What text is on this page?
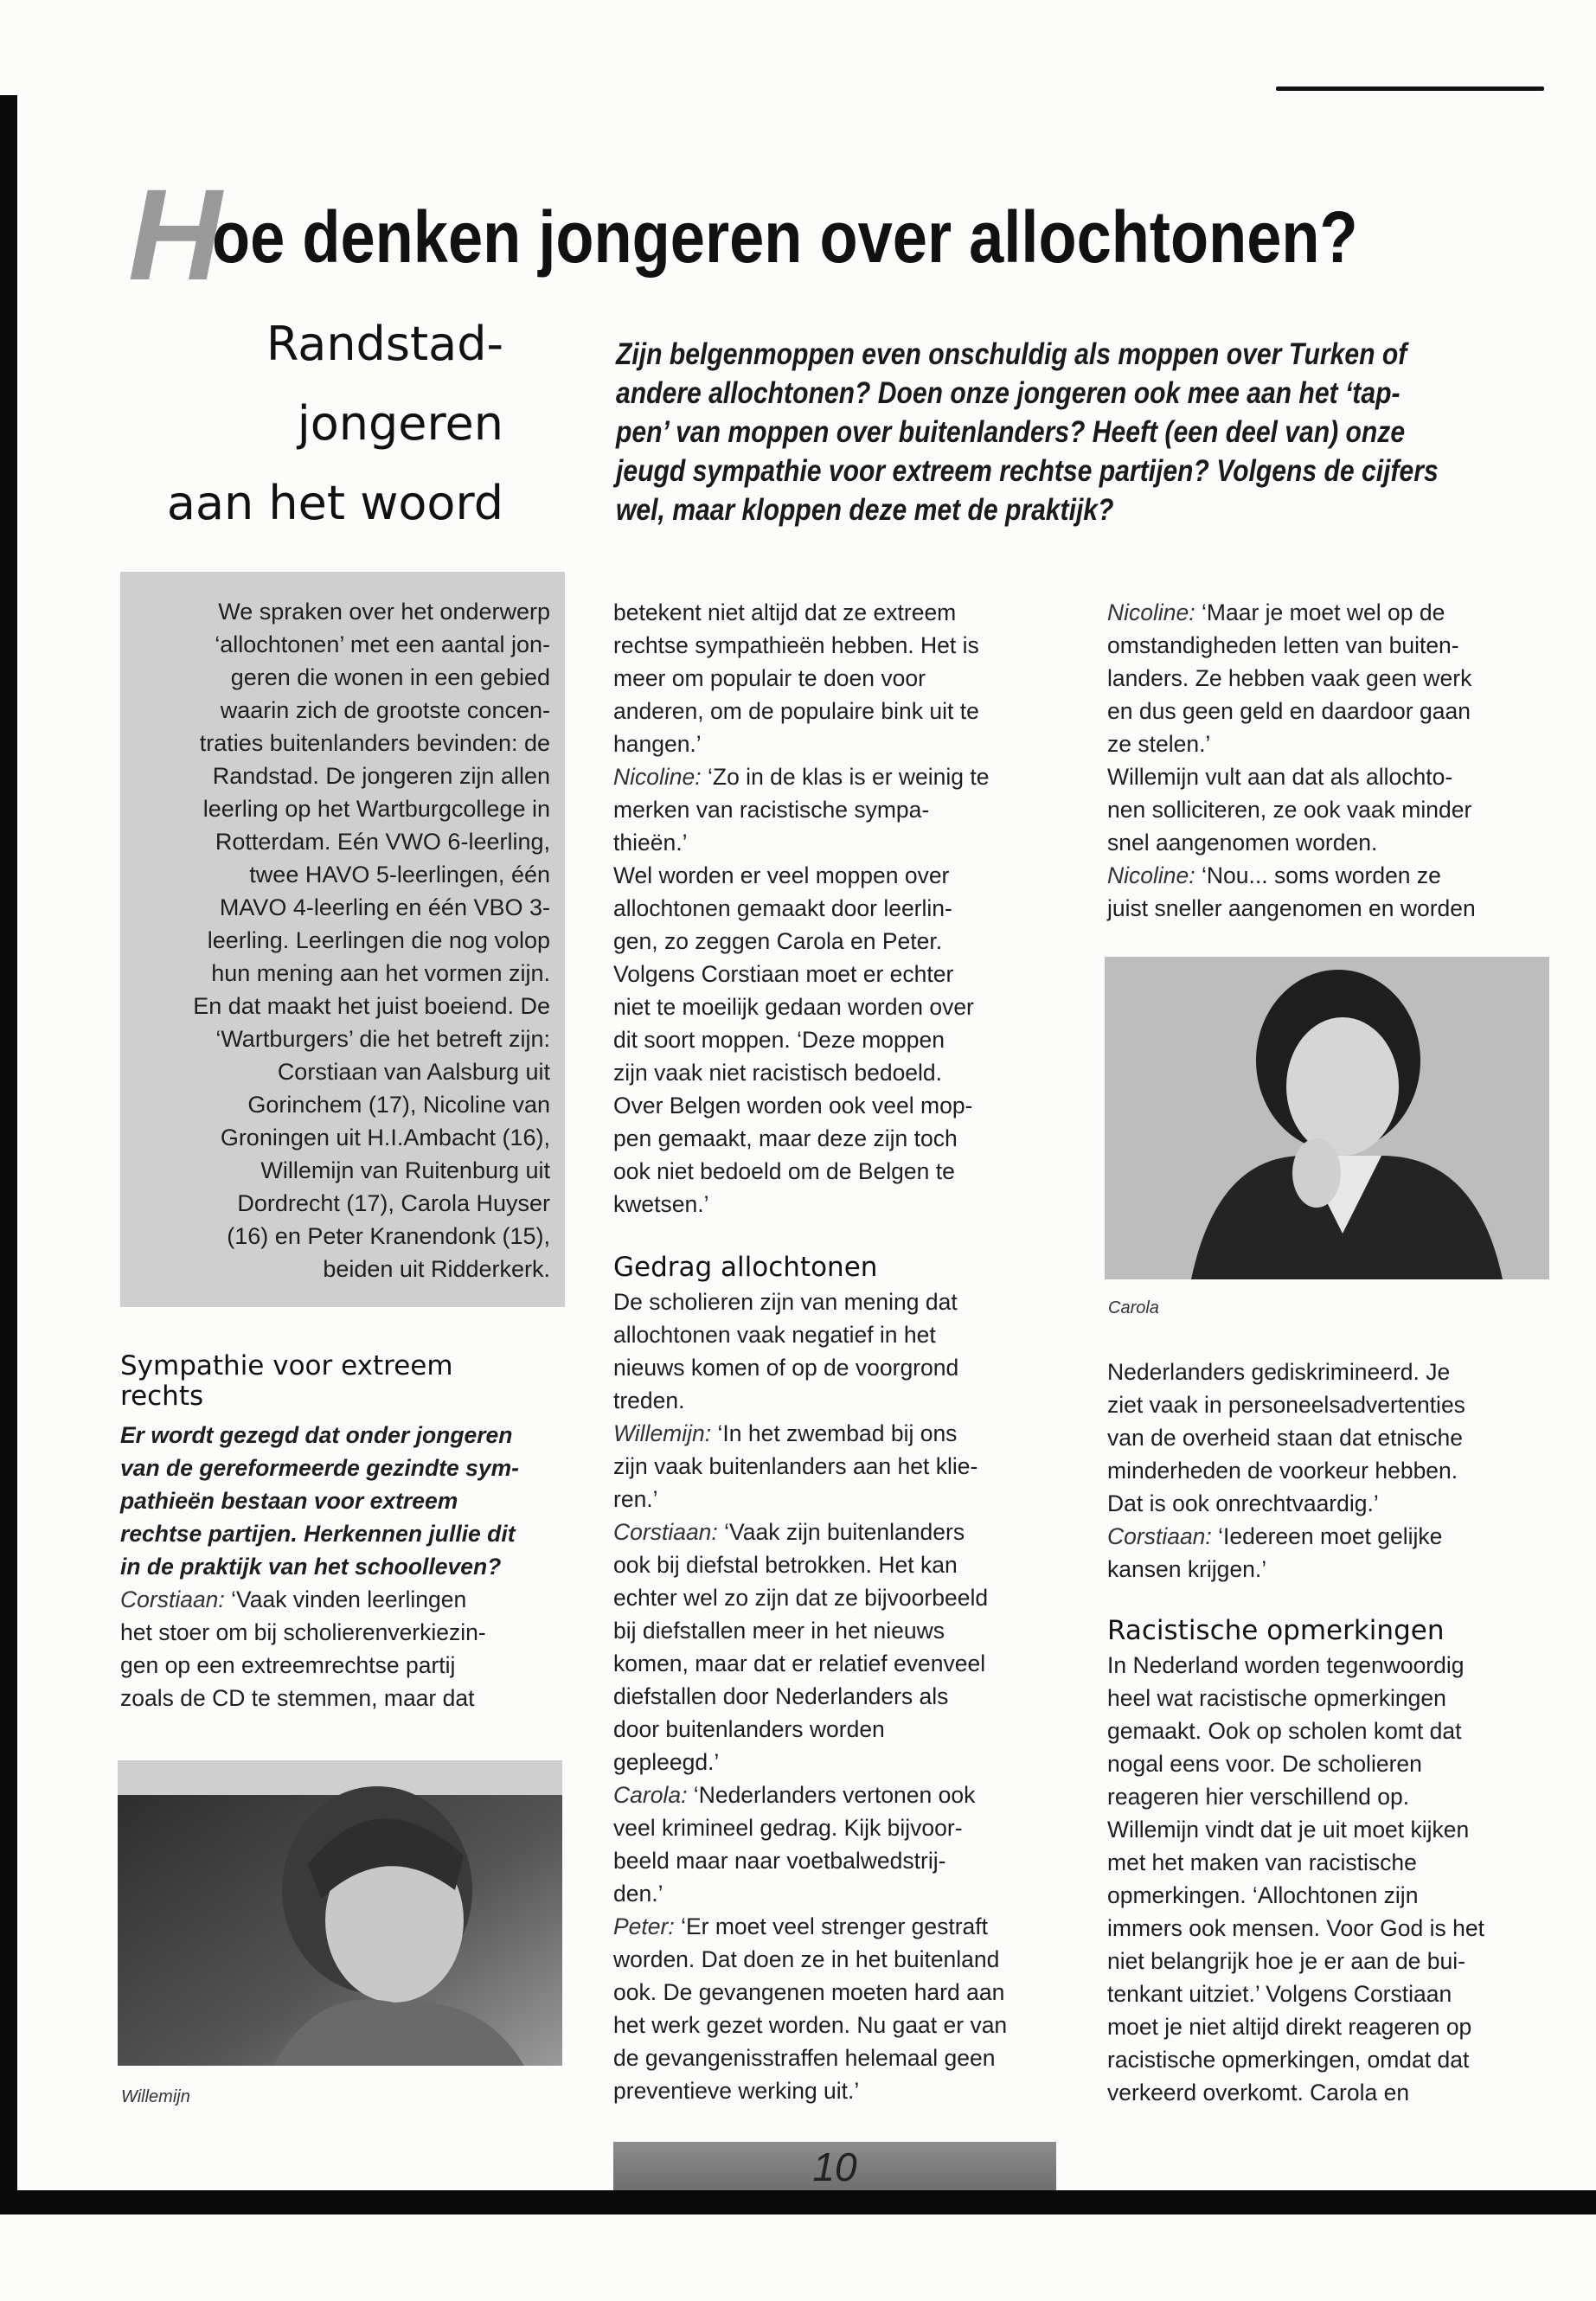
H
oe denken jongeren over allochtonen?
Randstad-
jongeren
aan het woord
Zijn belgenmoppen even onschuldig als moppen over Turken of
andere allochtonen? Doen onze jongeren ook mee aan het ‘tap-
pen’ van moppen over buitenlanders? Heeft (een deel van) onze
jeugd sympathie voor extreem rechtse partijen? Volgens de cijfers
wel, maar kloppen deze met de praktijk?
We spraken over het onderwerp
‘allochtonen’ met een aantal jon-
geren die wonen in een gebied
waarin zich de grootste concen-
traties buitenlanders bevinden: de
Randstad. De jongeren zijn allen
leerling op het Wartburgcollege in
Rotterdam. Eén VWO 6-leerling,
twee HAVO 5-leerlingen, één
MAVO 4-leerling en één VBO 3-
leerling. Leerlingen die nog volop
hun mening aan het vormen zijn.
En dat maakt het juist boeiend. De
‘Wartburgers’ die het betreft zijn:
Corstiaan van Aalsburg uit
Gorinchem (17), Nicoline van
Groningen uit H.I.Ambacht (16),
Willemijn van Ruitenburg uit
Dordrecht (17), Carola Huyser
(16) en Peter Kranendonk (15),
beiden uit Ridderkerk.
Sympathie voor extreem
rechts
Er wordt gezegd dat onder jongeren
van de gereformeerde gezindte sym-
pathieën bestaan voor extreem
rechtse partijen. Herkennen jullie dit
in de praktijk van het schoolleven?
Corstiaan: ‘Vaak vinden leerlingen
het stoer om bij scholierenverkiezin-
gen op een extreemrechtse partij
zoals de CD te stemmen, maar dat
Willemijn
betekent niet altijd dat ze extreem
rechtse sympathieën hebben. Het is
meer om populair te doen voor
anderen, om de populaire bink uit te
hangen.’
Nicoline: ‘Zo in de klas is er weinig te
merken van racistische sympa-
thieën.’
Wel worden er veel moppen over
allochtonen gemaakt door leerlin-
gen, zo zeggen Carola en Peter.
Volgens Corstiaan moet er echter
niet te moeilijk gedaan worden over
dit soort moppen. ‘Deze moppen
zijn vaak niet racistisch bedoeld.
Over Belgen worden ook veel mop-
pen gemaakt, maar deze zijn toch
ook niet bedoeld om de Belgen te
kwetsen.’
Gedrag allochtonen
De scholieren zijn van mening dat
allochtonen vaak negatief in het
nieuws komen of op de voorgrond
treden.
Willemijn: ‘In het zwembad bij ons
zijn vaak buitenlanders aan het klie-
ren.’
Corstiaan: ‘Vaak zijn buitenlanders
ook bij diefstal betrokken. Het kan
echter wel zo zijn dat ze bijvoorbeeld
bij diefstallen meer in het nieuws
komen, maar dat er relatief evenveel
diefstallen door Nederlanders als
door buitenlanders worden
gepleegd.’
Carola: ‘Nederlanders vertonen ook
veel krimineel gedrag. Kijk bijvoor-
beeld maar naar voetbalwedstrij-
den.’
Peter: ‘Er moet veel strenger gestraft
worden. Dat doen ze in het buitenland
ook. De gevangenen moeten hard aan
het werk gezet worden. Nu gaat er van
de gevangenisstraffen helemaal geen
preventieve werking uit.’
Nicoline: ‘Maar je moet wel op de
omstandigheden letten van buiten-
landers. Ze hebben vaak geen werk
en dus geen geld en daardoor gaan
ze stelen.’
Willemijn vult aan dat als allochto-
nen solliciteren, ze ook vaak minder
snel aangenomen worden.
Nicoline: ‘Nou... soms worden ze
juist sneller aangenomen en worden
Carola
Nederlanders gediskrimineerd. Je
ziet vaak in personeelsadvertenties
van de overheid staan dat etnische
minderheden de voorkeur hebben.
Dat is ook onrechtvaardig.’
Corstiaan: ‘Iedereen moet gelijke
kansen krijgen.’
Racistische opmerkingen
In Nederland worden tegenwoordig
heel wat racistische opmerkingen
gemaakt. Ook op scholen komt dat
nogal eens voor. De scholieren
reageren hier verschillend op.
Willemijn vindt dat je uit moet kijken
met het maken van racistische
opmerkingen. ‘Allochtonen zijn
immers ook mensen. Voor God is het
niet belangrijk hoe je er aan de bui-
tenkant uitziet.’ Volgens Corstiaan
moet je niet altijd direkt reageren op
racistische opmerkingen, omdat dat
verkeerd overkomt. Carola en
10
